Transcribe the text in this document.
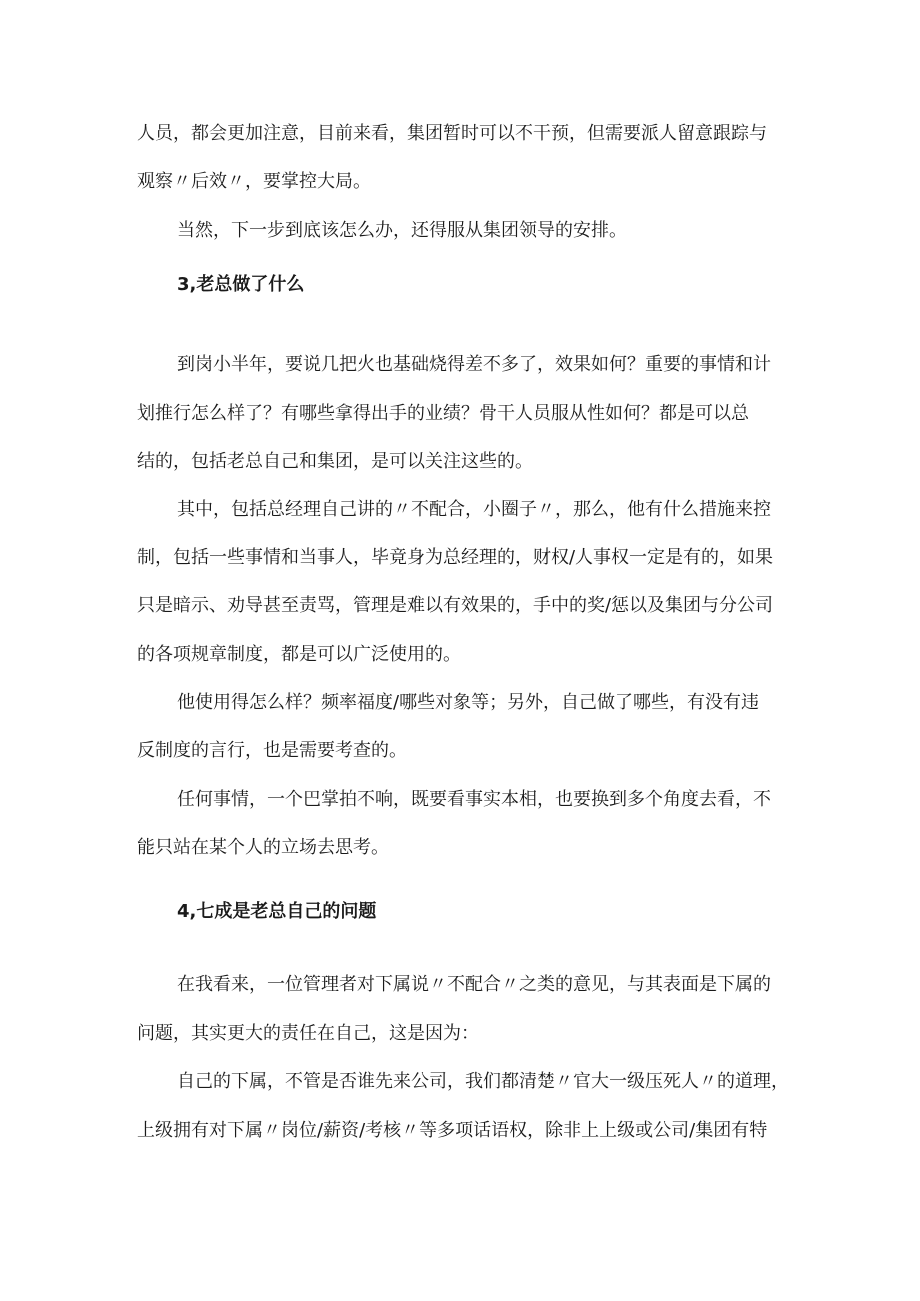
人员，都会更加注意，目前来看，集团暂时可以不干预，但需要派人留意跟踪与

观察〃后效〃，要掌控大局。

当然，下一步到底该怎么办，还得服从集团领导的安排。

3,老总做了什么

到岗小半年，要说几把火也基础烧得差不多了，效果如何？重要的事情和计

划推行怎么样了？有哪些拿得出手的业绩？骨干人员服从性如何？都是可以总

结的，包括老总自己和集团，是可以关注这些的。

其中，包括总经理自己讲的〃不配合，小圈子〃，那么，他有什么措施来控

制，包括一些事情和当事人，毕竟身为总经理的，财权/人事权一定是有的，如果

只是暗示、劝导甚至责骂，管理是难以有效果的，手中的奖/惩以及集团与分公司

的各项规章制度，都是可以广泛使用的。

他使用得怎么样？频率福度/哪些对象等；另外，自己做了哪些，有没有违

反制度的言行，也是需要考查的。

任何事情，一个巴掌拍不响，既要看事实本相，也要换到多个角度去看，不

能只站在某个人的立场去思考。

4,七成是老总自己的问题

在我看来，一位管理者对下属说〃不配合〃之类的意见，与其表面是下属的

问题，其实更大的责任在自己，这是因为：

自己的下属，不管是否谁先来公司，我们都清楚〃官大一级压死人〃的道理，

上级拥有对下属〃岗位/薪资/考核〃等多项话语权，除非上上级或公司/集团有特
